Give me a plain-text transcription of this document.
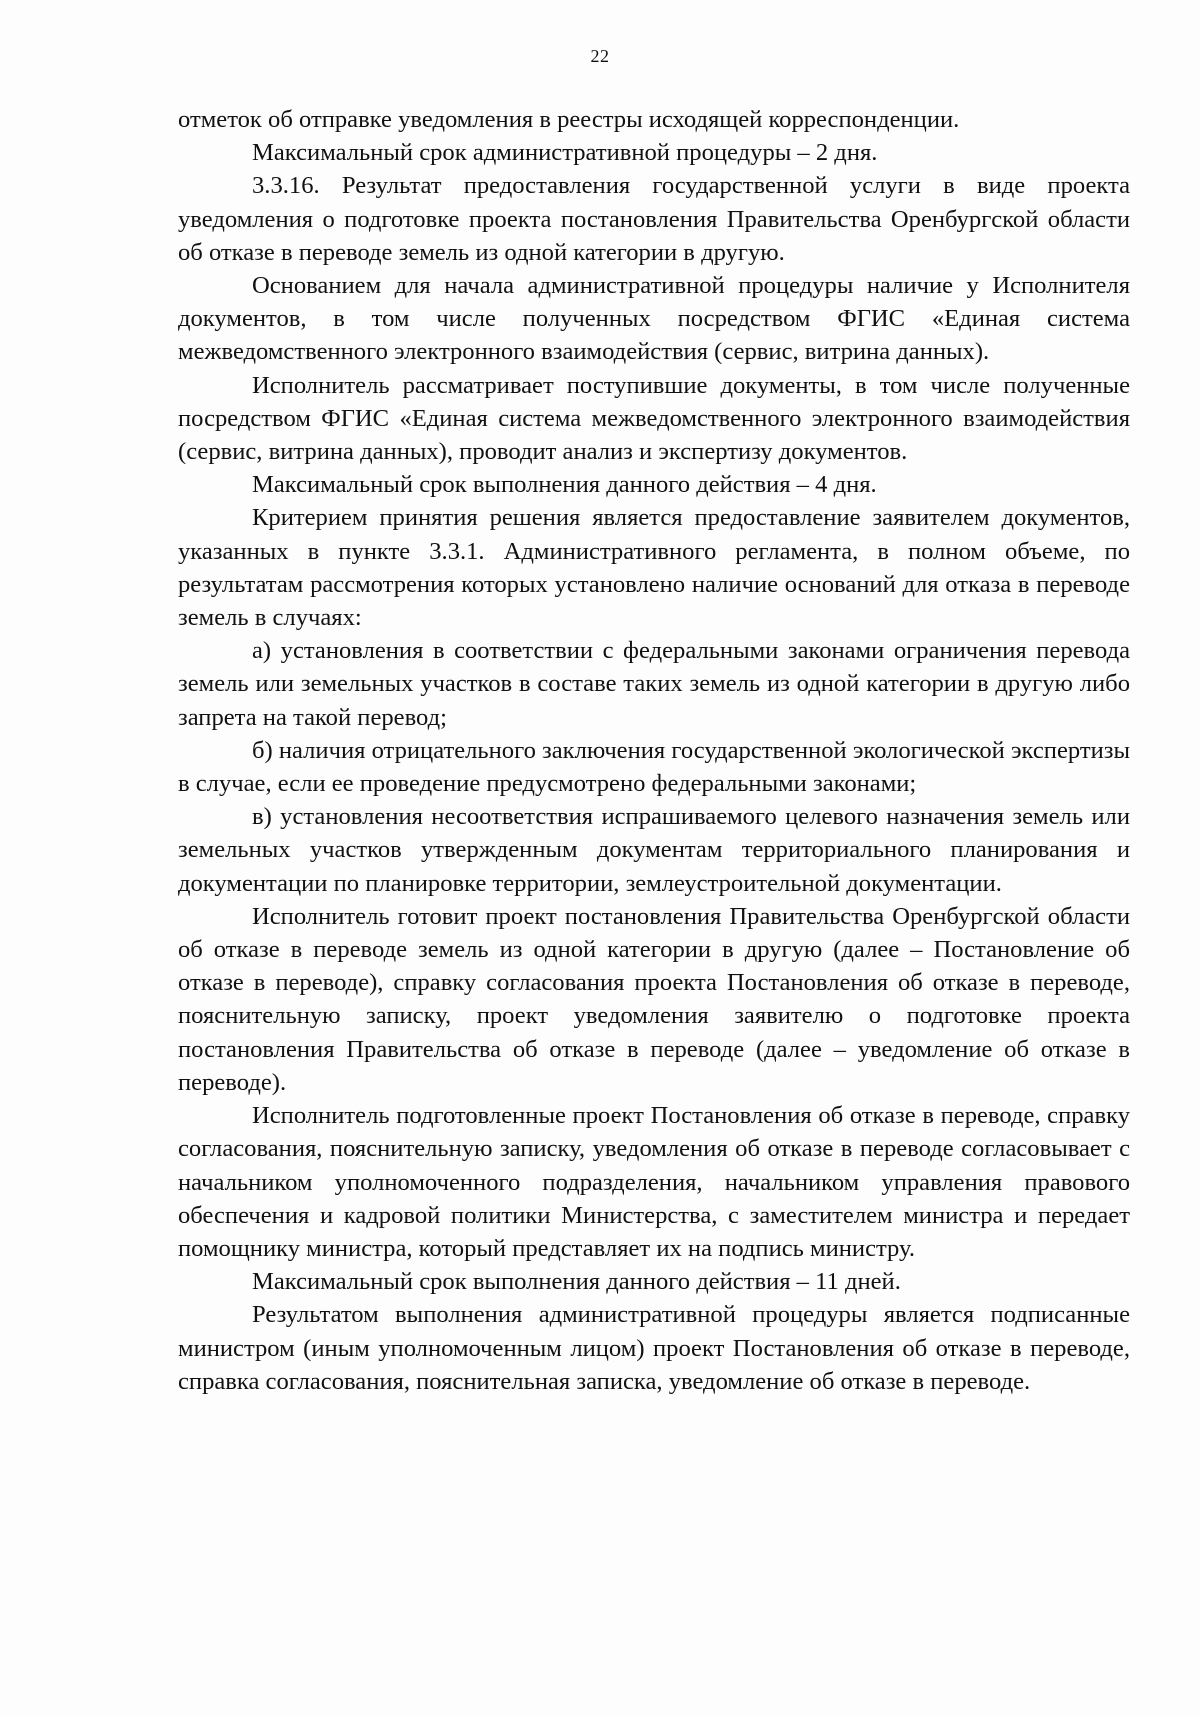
22

отметок об отправке уведомления в реестры исходящей корреспонденции.

Максимальный срок административной процедуры – 2 дня.

3.3.16. Результат предоставления государственной услуги в виде проекта уведомления о подготовке проекта постановления Правительства Оренбургской области об отказе в переводе земель из одной категории в другую.

Основанием для начала административной процедуры наличие у Исполнителя документов, в том числе полученных посредством ФГИС «Единая система межведомственного электронного взаимодействия (сервис, витрина данных).

Исполнитель рассматривает поступившие документы, в том числе полученные посредством ФГИС «Единая система межведомственного электронного взаимодействия (сервис, витрина данных), проводит анализ и экспертизу документов.

Максимальный срок выполнения данного действия – 4 дня.

Критерием принятия решения является предоставление заявителем документов, указанных в пункте 3.3.1. Административного регламента, в полном объеме, по результатам рассмотрения которых установлено наличие оснований для отказа в переводе земель в случаях:

а) установления в соответствии с федеральными законами ограничения перевода земель или земельных участков в составе таких земель из одной категории в другую либо запрета на такой перевод;

б) наличия отрицательного заключения государственной экологической экспертизы в случае, если ее проведение предусмотрено федеральными законами;

в) установления несоответствия испрашиваемого целевого назначения земель или земельных участков утвержденным документам территориального планирования и документации по планировке территории, землеустроительной документации.

Исполнитель готовит проект постановления Правительства Оренбургской области об отказе в переводе земель из одной категории в другую (далее – Постановление об отказе в переводе), справку согласования проекта Постановления об отказе в переводе, пояснительную записку, проект уведомления заявителю о подготовке проекта постановления Правительства об отказе в переводе (далее – уведомление об отказе в переводе).

Исполнитель подготовленные проект Постановления об отказе в переводе, справку согласования, пояснительную записку, уведомления об отказе в переводе согласовывает с начальником уполномоченного подразделения, начальником управления правового обеспечения и кадровой политики Министерства, с заместителем министра и передает помощнику министра, который представляет их на подпись министру.

Максимальный срок выполнения данного действия – 11 дней.

Результатом выполнения административной процедуры является подписанные министром (иным уполномоченным лицом) проект Постановления об отказе в переводе, справка согласования, пояснительная записка, уведомление об отказе в переводе.
